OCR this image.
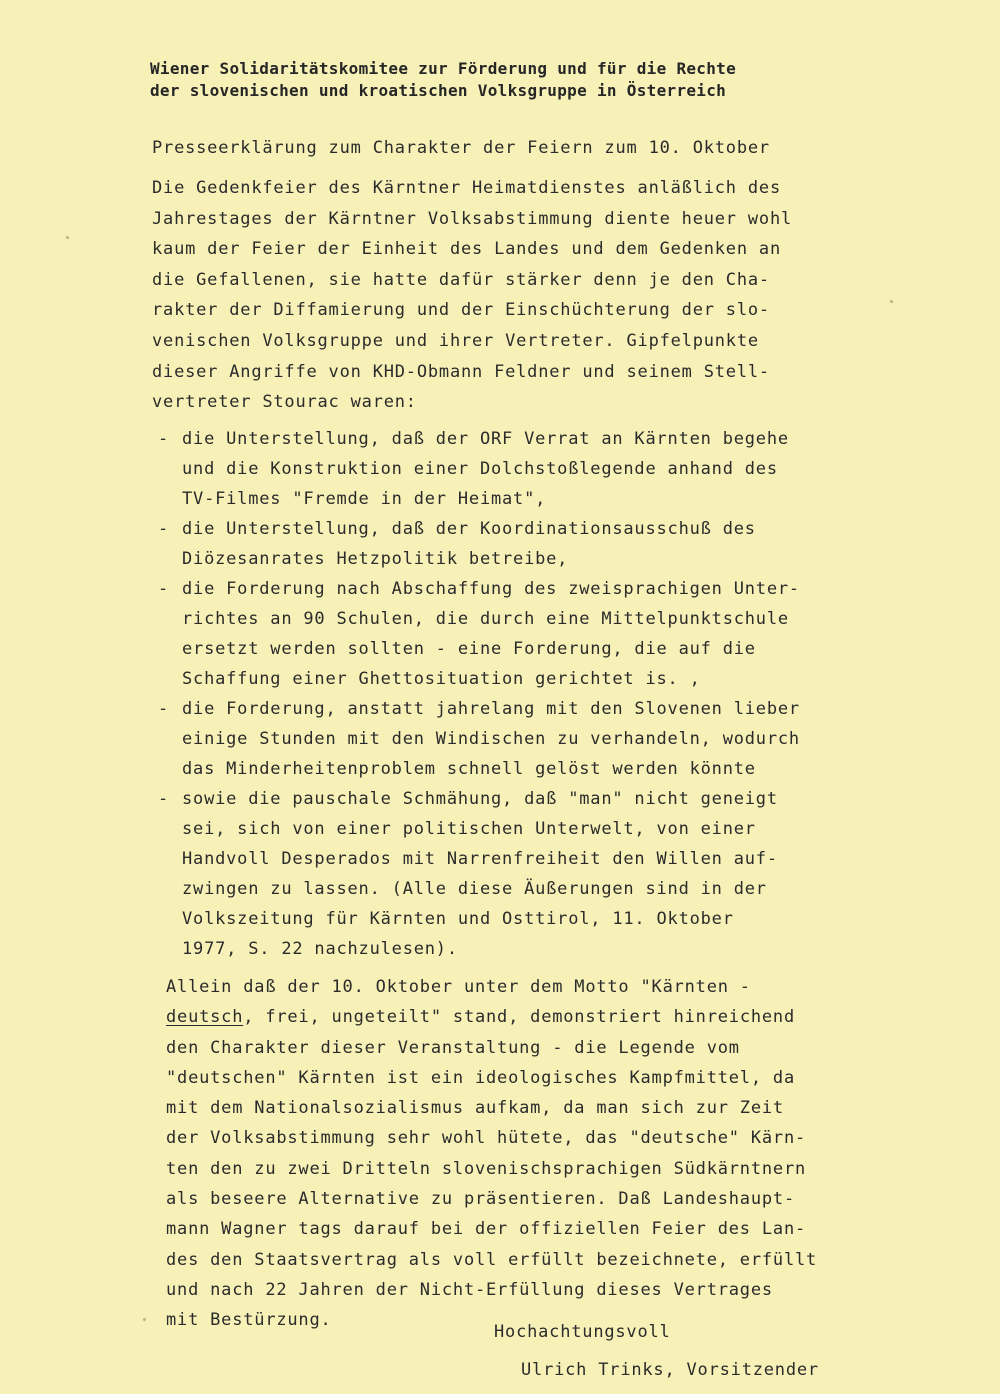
Wiener Solidaritätskomitee zur Förderung und für die Rechte
der slovenischen und kroatischen Volksgruppe in Österreich
Presseerklärung zum Charakter der Feiern zum 10. Oktober
Die Gedenkfeier des Kärntner Heimatdienstes anläßlich des
Jahrestages der Kärntner Volksabstimmung diente heuer wohl
kaum der Feier der Einheit des Landes und dem Gedenken an
die Gefallenen, sie hatte dafür stärker denn je den Cha-
rakter der Diffamierung und der Einschüchterung der slo-
venischen Volksgruppe und ihrer Vertreter. Gipfelpunkte
dieser Angriffe von KHD-Obmann Feldner und seinem Stell-
vertreter Stourac waren:
- die Unterstellung, daß der ORF Verrat an Kärnten begehe
und die Konstruktion einer Dolchstoßlegende anhand des
TV-Filmes "Fremde in der Heimat",
- die Unterstellung, daß der Koordinationsausschuß des
Diözesanrates Hetzpolitik betreibe,
- die Forderung nach Abschaffung des zweisprachigen Unter-
richtes an 90 Schulen, die durch eine Mittelpunktschule
ersetzt werden sollten - eine Forderung, die auf die
Schaffung einer Ghettosituation gerichtet is. ,
- die Forderung, anstatt jahrelang mit den Slovenen lieber
einige Stunden mit den Windischen zu verhandeln, wodurch
das Minderheitenproblem schnell gelöst werden könnte
- sowie die pauschale Schmähung, daß "man" nicht geneigt
sei, sich von einer politischen Unterwelt, von einer
Handvoll Desperados mit Narrenfreiheit den Willen auf-
zwingen zu lassen. (Alle diese Äußerungen sind in der
Volkszeitung für Kärnten und Osttirol, 11. Oktober
1977, S. 22 nachzulesen).
Allein daß der 10. Oktober unter dem Motto "Kärnten -
deutsch, frei, ungeteilt" stand, demonstriert hinreichend
den Charakter dieser Veranstaltung - die Legende vom
"deutschen" Kärnten ist ein ideologisches Kampfmittel, da
mit dem Nationalsozialismus aufkam, da man sich zur Zeit
der Volksabstimmung sehr wohl hütete, das "deutsche" Kärn-
ten den zu zwei Dritteln slovenischsprachigen Südkärntnern
als beseere Alternative zu präsentieren. Daß Landeshaupt-
mann Wagner tags darauf bei der offiziellen Feier des Lan-
des den Staatsvertrag als voll erfüllt bezeichnete, erfüllt
und nach 22 Jahren der Nicht-Erfüllung dieses Vertrages
mit Bestürzung.
Hochachtungsvoll
Ulrich Trinks, Vorsitzender
